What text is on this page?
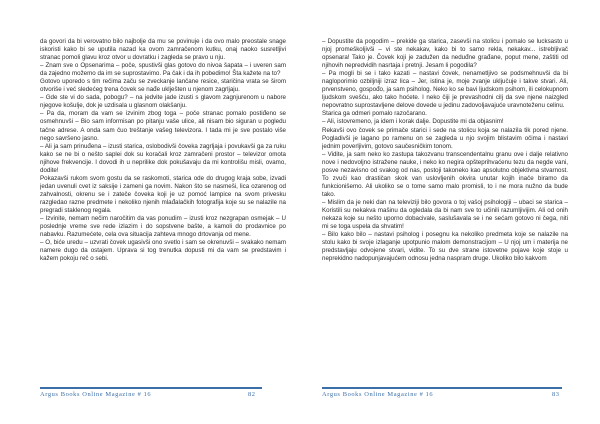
da govori da bi verovatno bilo najbolje da mu se povinuje i da ovo malo preostale snage iskoristi kako bi se uputila nazad ka ovom zamračenom kutku, onaj naoko susretljivi stranac pomoli glavu kroz otvor u dovratku i zagleda se pravo u nju.

– Znam sve o Opsenarima – poče, spustivši glas gotovo do nivoa šapata – i uveren sam da zajedno možemo da im se suprostavimo. Pa čak i da ih pobedimo! Šta kažete na to?

Gotovo uporedo s tim rečima začu se zveckanje lančane resice, staričina vrata se širom otvoriše i već sledećeg trena čovek se nađe uklješten u njenom zagrljaju.

– Gde ste vi do sada, pobogu? – na jedvite jade izusti s glavom zagnjurenom u nabore njegove košulje, dok je uzdisala u glasnom olakšanju.

– Pa da, moram da vam se izvinim zbog toga – poče stranac pomalo postiđeno se osmehnuvši – Bio sam informisan po pitanju vaše ulice, ali nisam bio siguran u pogledu tačne adrese. A onda sam čuo treštanje vašeg televizora. I tada mi je sve postalo više nego savršeno jasno.

– Ali ja sam prinuđena – izusti starica, oslobodivši čoveka zagrljaja i povukavši ga za ruku kako se ne bi o nešto saplei dok su koračali kroz zamračeni prostor – televizor omota njihove frekvencije. I dovodi ih u neprilike dok pokušavaju da mi kontrolišu misli, ovamo, dodite!

Pokazavši rukom svom gostu da se raskomoti, starica ode do drugog kraja sobe, izvadi jedan uvenuli cvet iz saksije i zameni ga novim. Nakon što se nasmeši, lica ozarenog od zahvalnosti, okrenu se i zateče čoveka koji je uz pomoć lampice na svom privesku razgledao razne predmete i nekoliko njenih mlađalačkih fotografija koje su se nalazile na pregradi staklenog regala.

– Izvinite, nemam nečim naročitim da vas ponudim – izusti kroz nezgrapan osmejak – U poslednje vreme sve rede izlazim i do sopstvene bašte, a kamoli do prodavnice po nabavku. Razumećete, cela ova situacija zahteva mnogo drtovanja od mene.

– O, biće uredu – uzvrati čovek ugasivši ono svetlo i sam se okrenuvši – svakako nemam namere dugo da ostajem. Uprava si tog trenutka dopusti mi da vam se predstavim i kažem pokoju reč o sebi.

Argus Books Online Magazine # 16	82

– Dopustite da pogodim – prekide ga starica, zasevši na stolicu i pomalo se lucksasto u njoj promeškoljivši – vi ste nekakav, kako bi to samo rekla, nekakav... istrebljivač opsenara! Tako je. Čovek koji je zadužen da neduđne građane, poput mene, zaštiti od njihovih nepredvidih nasrtaja i pretnji. Jesam li pogodila?

– Pa mogli bi se i tako kazati – nastavi čovek, nenametljivo se podsmehnuvši da bi nagloporimio ozbiljniji izraz lica – Jer, istina je, moje zvanje uključuje i takve stvari. Ali, prvenstveno, gospođo, ja sam psiholog. Neko ko se bavi ljudskom psihom, ili celokupnom ljudskom svešću, ako tako hoćete. I neko čiji je prevashodni cilj da sve njene naizgled nepovratno suprostavljene delove dovede u jedinu zadovoljavajuće uravnoteženu celinu.

Starica ga odmeri pomalo razočarano.

– Ali, istovremeno, ja idem i korak dalje. Dopustite mi da objasnim!

Rekavši ovo čovek se primače starici i sede na stolicu koja se nalazila tik pored njene. Pogladivši je lagano po ramenu on se zagleda u njo svojim blistavim očima i nastavi jednim poverljivim, gotovo saučesničkim tonom.

– Vidite, ja sam neko ko zastupa takozvanu transcendentalnu granu ove i dalje relativno nove i nedovoljno istražene nauke, i neko ko negira opšteprihvaćenu tezu da negde vani, posve nezavisno od svakog od nas, postoji takoneko kao apsolutno objektivna stvarnost. To zvuči kao drastičan skok van uslovljenih okvira unutar kojih inače biramo da funkcionišemo. Ali ukoliko se o tome samo malo promisli, to i ne mora nužno da bude tako.

– Mislim da je neki dan na televiziji bilo govora o toj vašoj psihologiji – ubaci se starica – Koristili su nekakva mašinu da ogledala da bi nam sve to učinili razumljivijim. Ali od onih nekaza koje su nešto uporno dobacivale, saslušavala se i ne sećam gotovo ni čega, niti mi se toga uspela da shvatim!

– Bilo kako bilo – nastavi psiholog i posegnu ka nekoliko predmeta koje se nalazile na stolu kako bi svoje izlaganje upotpunio malom demonstracijom – U njoj um i materija ne predstavljaju odvojene stvari, vidite. To su dve strane istovetne pojave koje stoje u neprekidno nadopunjavajućem odnosu jedna naspram druge. Ukoliko bilo kakvom

Argus Books Online Magazine # 16	83
